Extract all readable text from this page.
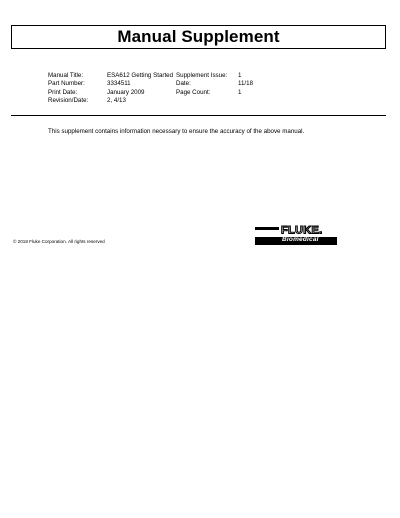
Manual Supplement
Manual Title:
Part Number:
Print Date:
Revision/Date:
ESA612 Getting Started
3334511
January 2009
2, 4/13
Supplement Issue:
Date:
Page Count:
1
11/18
1
This supplement contains information necessary to ensure the accuracy of the above manual.
© 2018 Fluke Corporation. All rights reserved
FLUKE.
Biomedical
